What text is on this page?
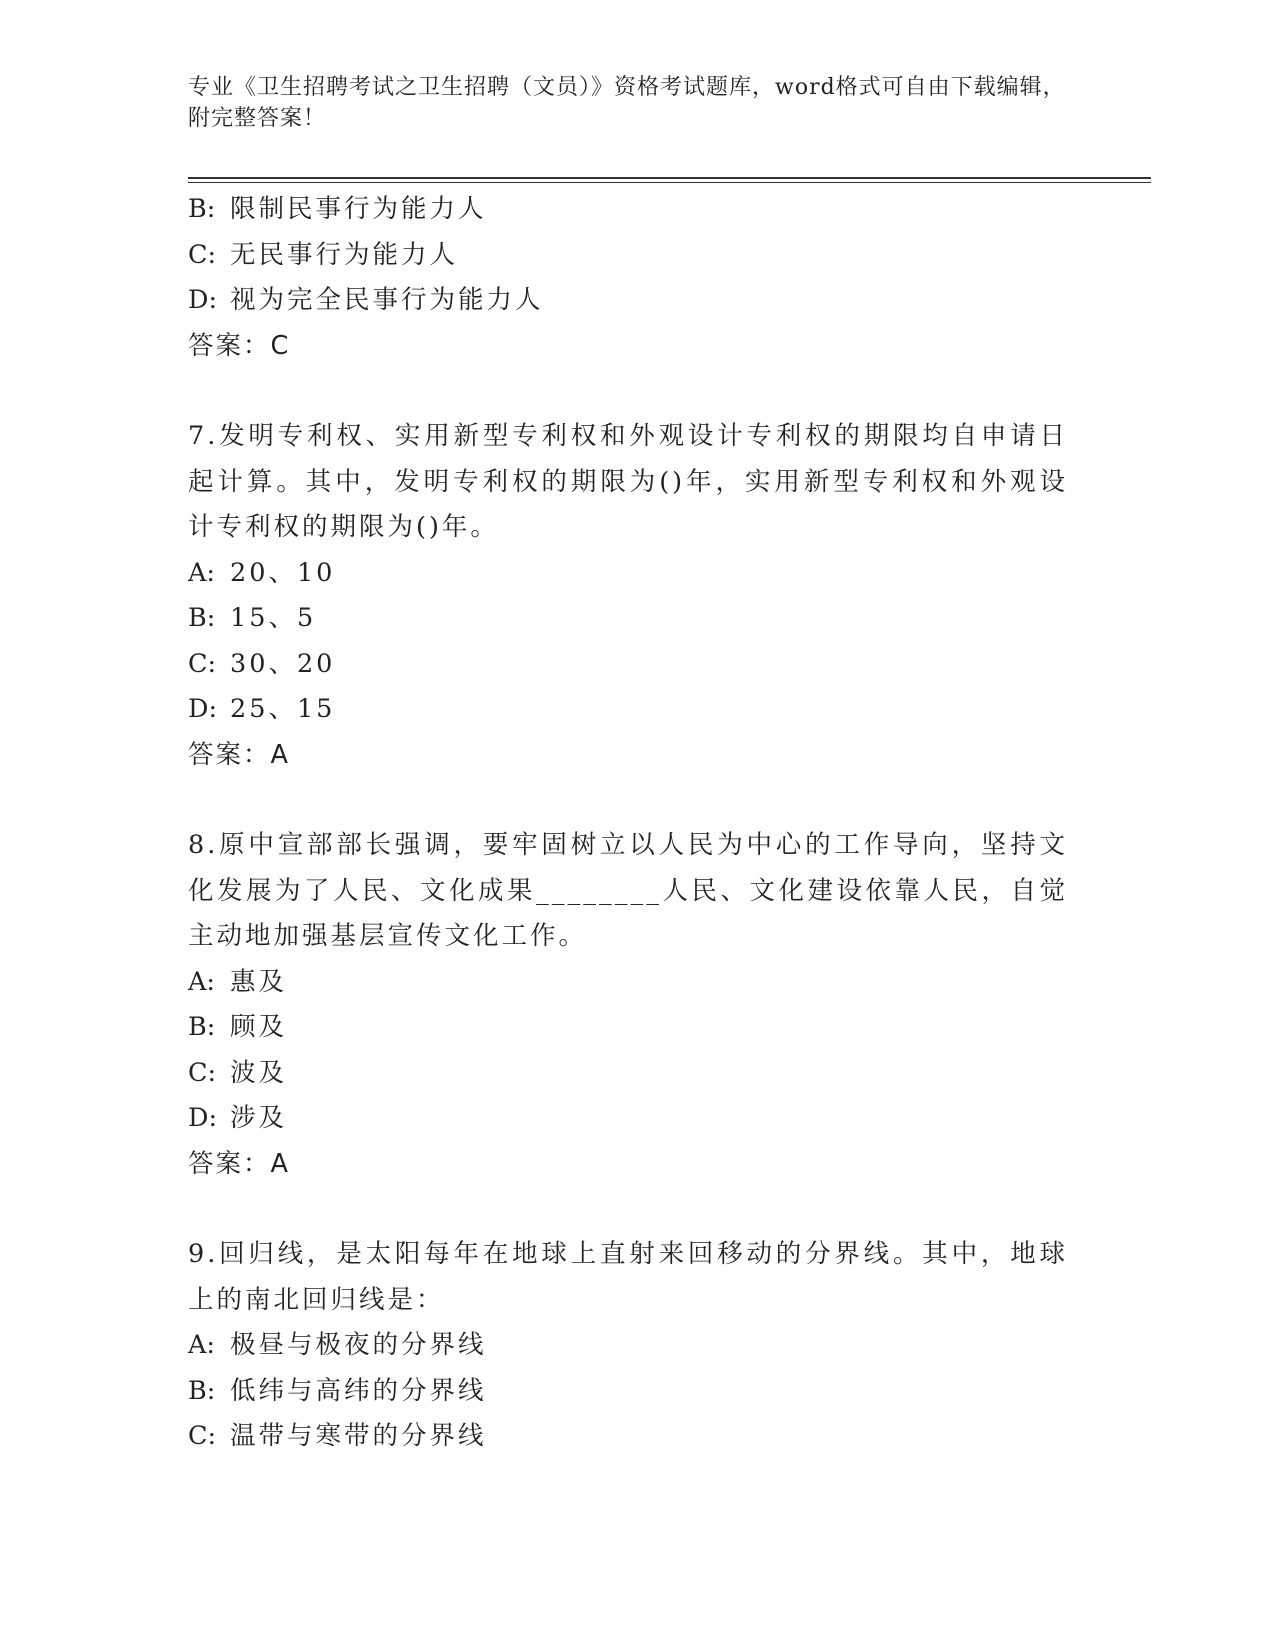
专业《卫生招聘考试之卫生招聘（文员）》资格考试题库，word格式可自由下载编辑，附完整答案！
B: 限制民事行为能力人
C: 无民事行为能力人
D: 视为完全民事行为能力人
答案：C
7.发明专利权、实用新型专利权和外观设计专利权的期限均自申请日起计算。其中，发明专利权的期限为()年，实用新型专利权和外观设计专利权的期限为()年。
A: 20、10
B: 15、5
C: 30、20
D: 25、15
答案：A
8.原中宣部部长强调，要牢固树立以人民为中心的工作导向，坚持文化发展为了人民、文化成果________人民、文化建设依靠人民，自觉主动地加强基层宣传文化工作。
A: 惠及
B: 顾及
C: 波及
D: 涉及
答案：A
9.回归线，是太阳每年在地球上直射来回移动的分界线。其中，地球上的南北回归线是：
A: 极昼与极夜的分界线
B: 低纬与高纬的分界线
C: 温带与寒带的分界线
